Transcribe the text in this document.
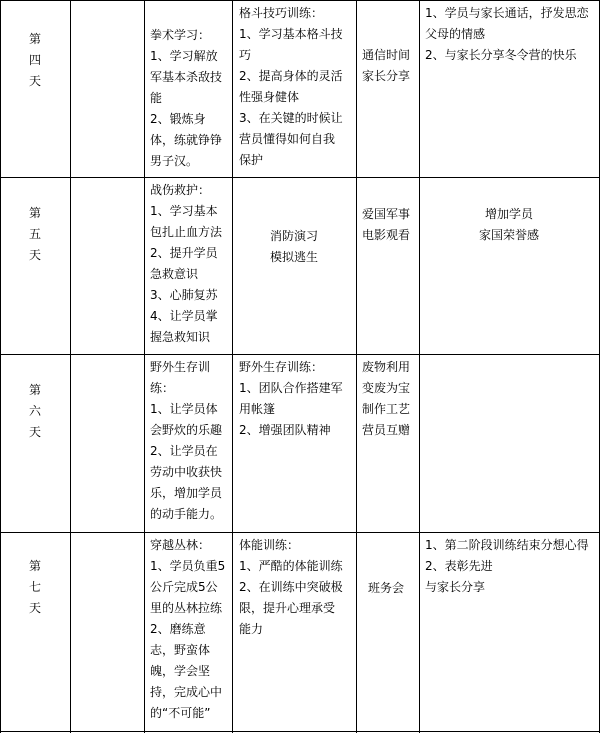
第
四
天
拳术学习：
1、学习解放
军基本杀敌技
能
2、锻炼身
体，练就铮铮
男子汉。
格斗技巧训练：
1、学习基本格斗技
巧
2、提高身体的灵活
性强身健体
3、在关键的时候让
营员懂得如何自我
保护
通信时间
家长分享
1、学员与家长通话，抒发思恋
父母的情感
2、与家长分享冬令营的快乐
第
五
天
战伤救护：
1、学习基本
包扎止血方法
2、提升学员
急救意识
3、心肺复苏
4、让学员掌
握急救知识
消防演习
模拟逃生
爱国军事
电影观看
增加学员
家国荣誉感
第
六
天
野外生存训
练：
1、让学员体
会野炊的乐趣
2、让学员在
劳动中收获快
乐，增加学员
的动手能力。
野外生存训练：
1、团队合作搭建军
用帐篷
2、增强团队精神
废物利用
变废为宝
制作工艺
营员互赠
第
七
天
穿越丛林：
1、学员负重5
公斤完成5公
里的丛林拉练
2、磨练意
志，野蛮体
魄，学会坚
持，完成心中
的“不可能”
体能训练：
1、严酷的体能训练
2、在训练中突破极
限，提升心理承受
能力
班务会
1、第二阶段训练结束分想心得
2、表彰先进
与家长分享
